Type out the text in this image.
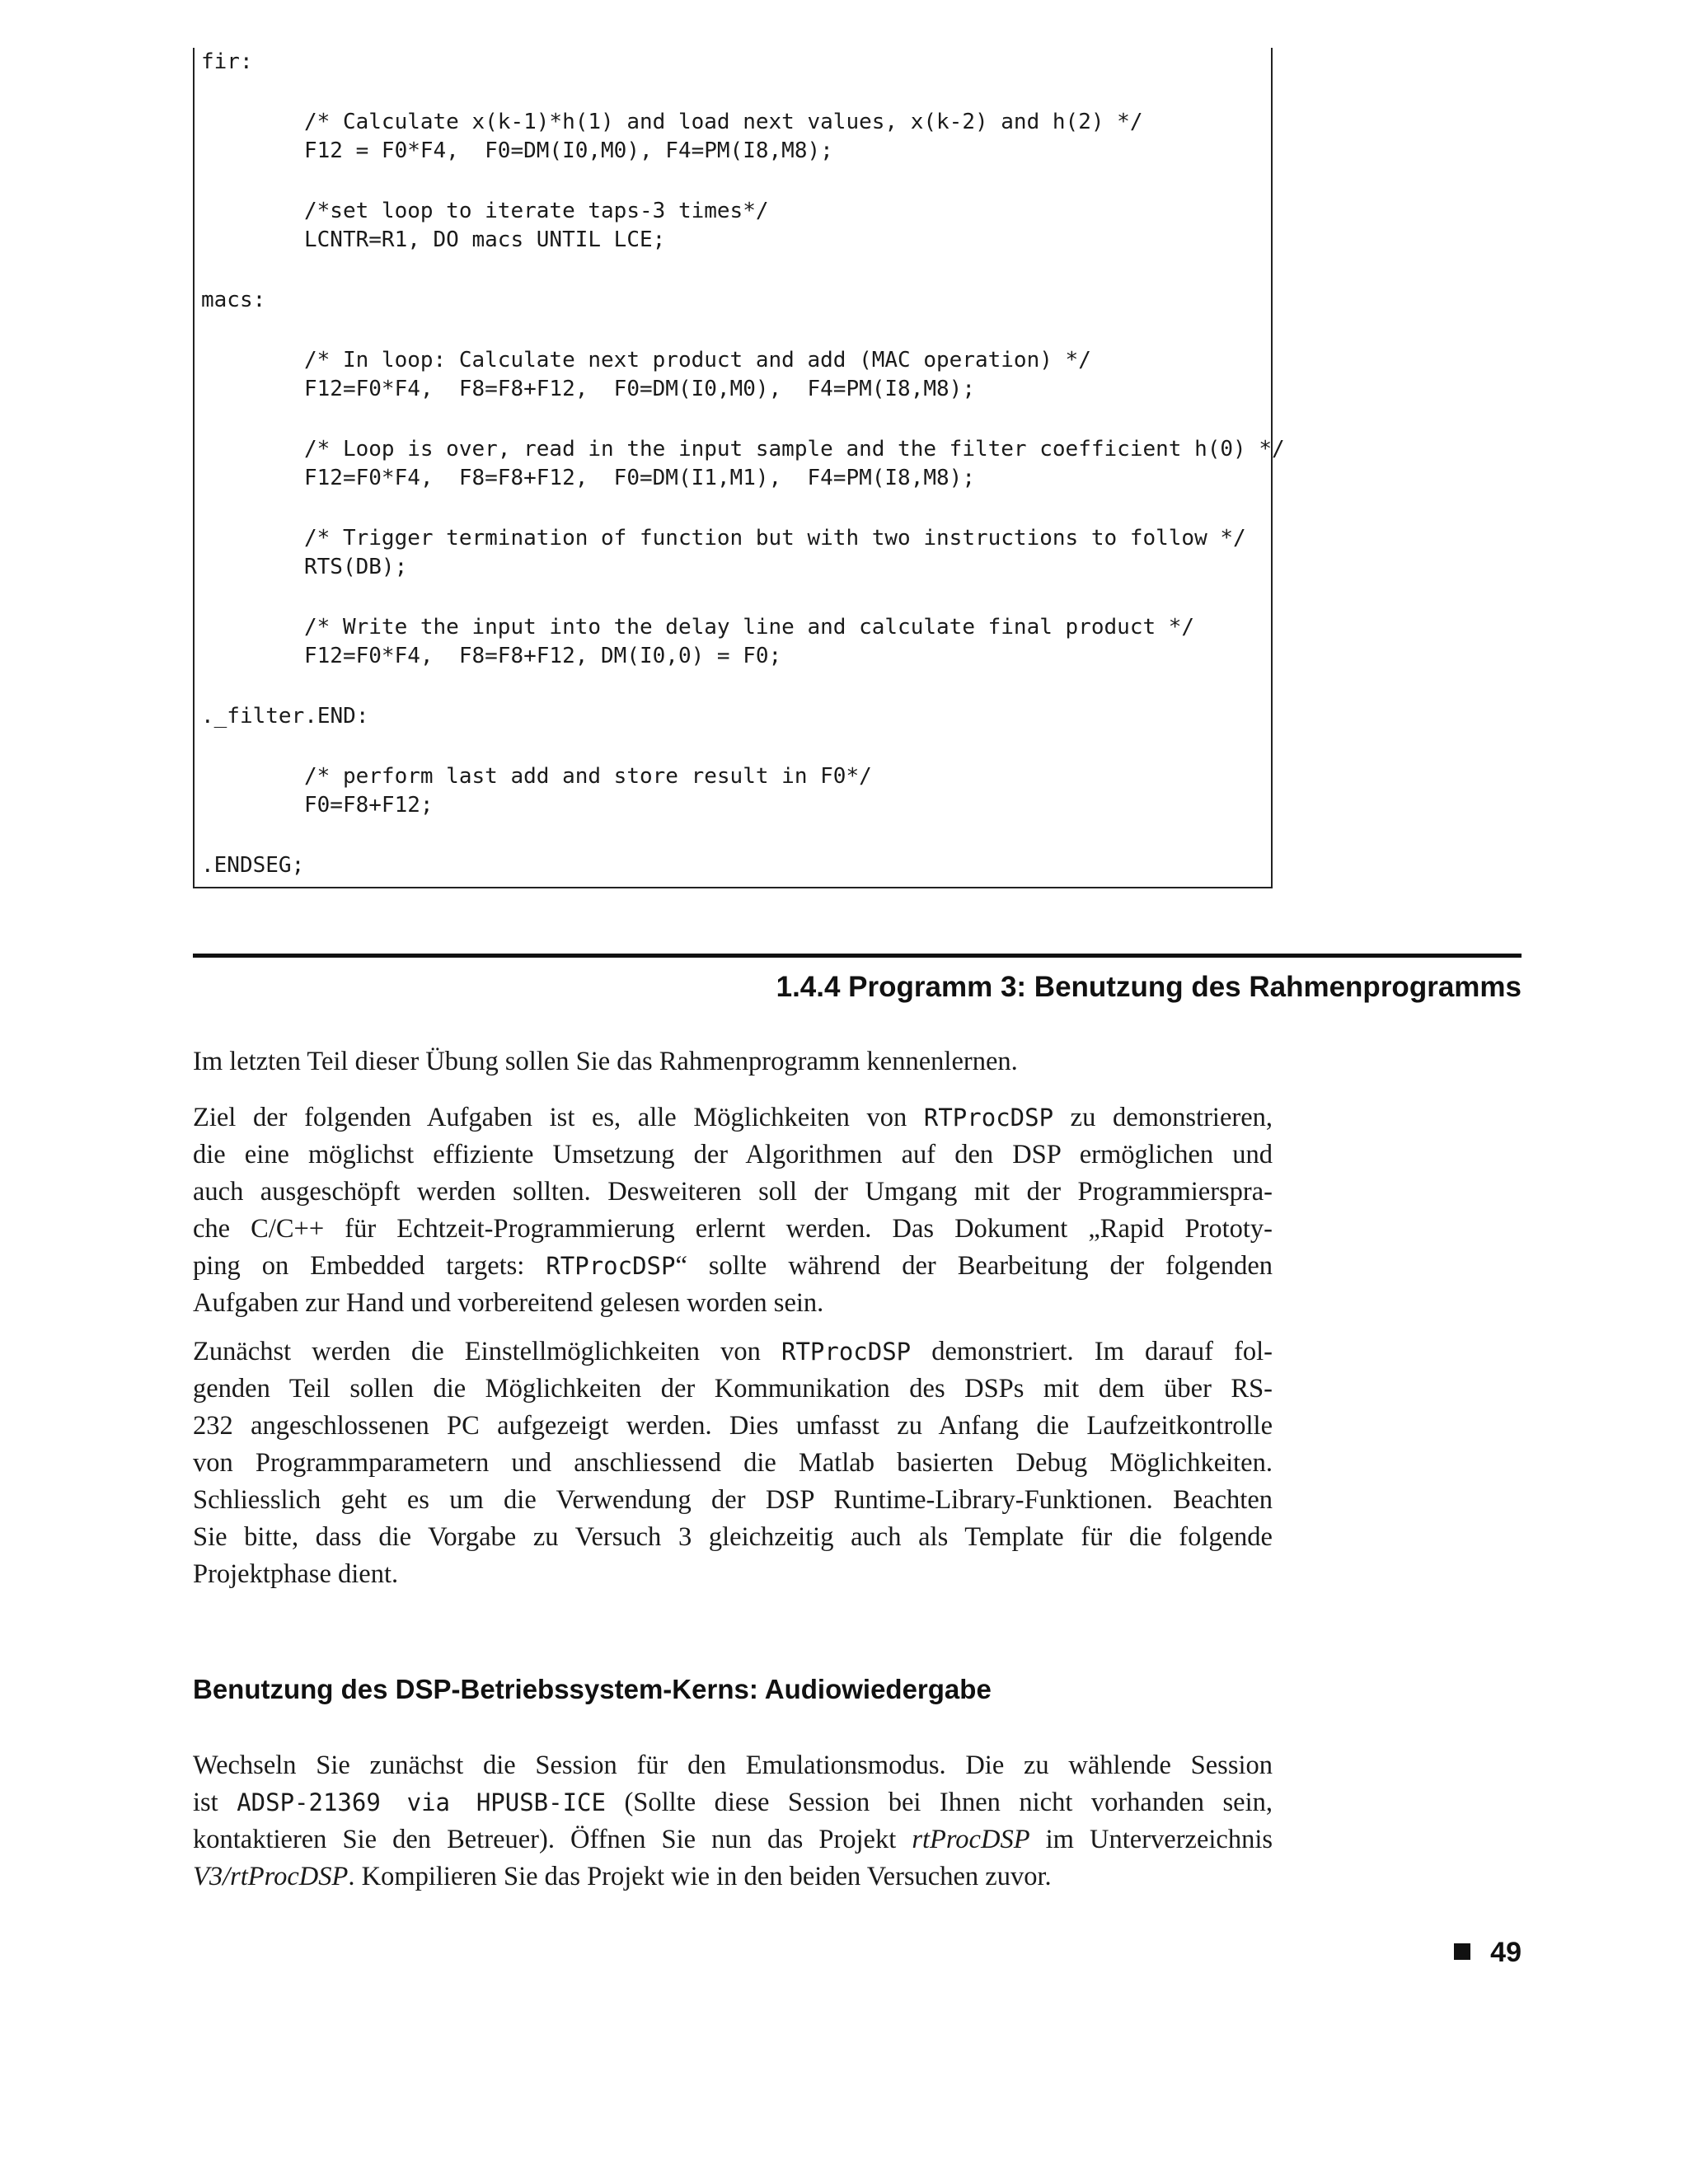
fir:
/* Calculate x(k-1)*h(1) and load next values, x(k-2) and h(2) */
F12 = F0*F4,  F0=DM(I0,M0), F4=PM(I8,M8);
/*set loop to iterate taps-3 times*/
LCNTR=R1, DO macs UNTIL LCE;
macs:
/* In loop: Calculate next product and add (MAC operation) */
F12=F0*F4,  F8=F8+F12,  F0=DM(I0,M0),  F4=PM(I8,M8);
/* Loop is over, read in the input sample and the filter coefficient h(0) */
F12=F0*F4,  F8=F8+F12,  F0=DM(I1,M1),  F4=PM(I8,M8);
/* Trigger termination of function but with two instructions to follow */
RTS(DB);
/* Write the input into the delay line and calculate final product */
F12=F0*F4,  F8=F8+F12, DM(I0,0) = F0;
._filter.END:
/* perform last add and store result in F0*/
F0=F8+F12;
.ENDSEG;
1.4.4 Programm 3: Benutzung des Rahmenprogramms
Im letzten Teil dieser Übung sollen Sie das Rahmenprogramm kennenlernen.
Ziel der folgenden Aufgaben ist es, alle Möglichkeiten von RTProcDSP zu demonstrieren,
die eine möglichst effiziente Umsetzung der Algorithmen auf den DSP ermöglichen und
auch ausgeschöpft werden sollten. Desweiteren soll der Umgang mit der Programmierspra-
che C/C++ für Echtzeit-Programmierung erlernt werden. Das Dokument „Rapid Prototy-
ping on Embedded targets: RTProcDSP“ sollte während der Bearbeitung der folgenden
Aufgaben zur Hand und vorbereitend gelesen worden sein.
Zunächst werden die Einstellmöglichkeiten von RTProcDSP demonstriert. Im darauf fol-
genden Teil sollen die Möglichkeiten der Kommunikation des DSPs mit dem über RS-
232 angeschlossenen PC aufgezeigt werden. Dies umfasst zu Anfang die Laufzeitkontrolle
von Programmparametern und anschliessend die Matlab basierten Debug Möglichkeiten.
Schliesslich geht es um die Verwendung der DSP Runtime-Library-Funktionen. Beachten
Sie bitte, dass die Vorgabe zu Versuch 3 gleichzeitig auch als Template für die folgende
Projektphase dient.
Benutzung des DSP-Betriebssystem-Kerns: Audiowiedergabe
Wechseln Sie zunächst die Session für den Emulationsmodus. Die zu wählende Session
ist ADSP-21369 via HPUSB-ICE (Sollte diese Session bei Ihnen nicht vorhanden sein,
kontaktieren Sie den Betreuer). Öffnen Sie nun das Projekt rtProcDSP im Unterverzeichnis
V3/rtProcDSP. Kompilieren Sie das Projekt wie in den beiden Versuchen zuvor.
49
